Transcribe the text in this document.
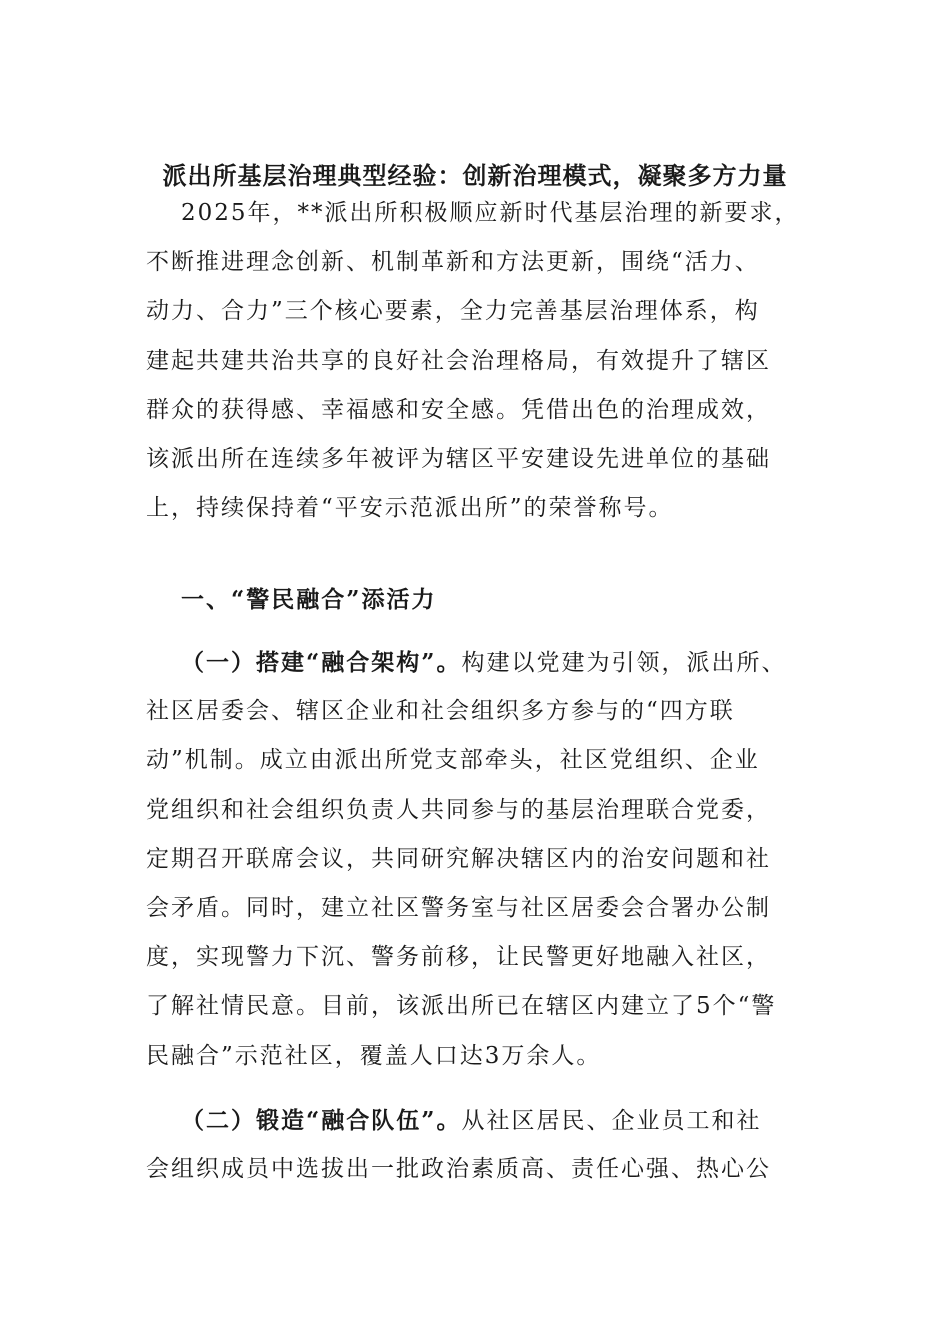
派出所基层治理典型经验：创新治理模式，凝聚多方力量
2025年，**派出所积极顺应新时代基层治理的新要求，
不断推进理念创新、机制革新和方法更新，围绕“活力、
动力、合力”三个核心要素，全力完善基层治理体系，构
建起共建共治共享的良好社会治理格局，有效提升了辖区
群众的获得感、幸福感和安全感。凭借出色的治理成效，
该派出所在连续多年被评为辖区平安建设先进单位的基础
上，持续保持着“平安示范派出所”的荣誉称号。
一、“警民融合”添活力
（一）搭建“融合架构”。构建以党建为引领，派出所、
社区居委会、辖区企业和社会组织多方参与的“四方联
动”机制。成立由派出所党支部牵头，社区党组织、企业
党组织和社会组织负责人共同参与的基层治理联合党委，
定期召开联席会议，共同研究解决辖区内的治安问题和社
会矛盾。同时，建立社区警务室与社区居委会合署办公制
度，实现警力下沉、警务前移，让民警更好地融入社区，
了解社情民意。目前，该派出所已在辖区内建立了5个“警
民融合”示范社区，覆盖人口达3万余人。
（二）锻造“融合队伍”。从社区居民、企业员工和社
会组织成员中选拔出一批政治素质高、责任心强、热心公
